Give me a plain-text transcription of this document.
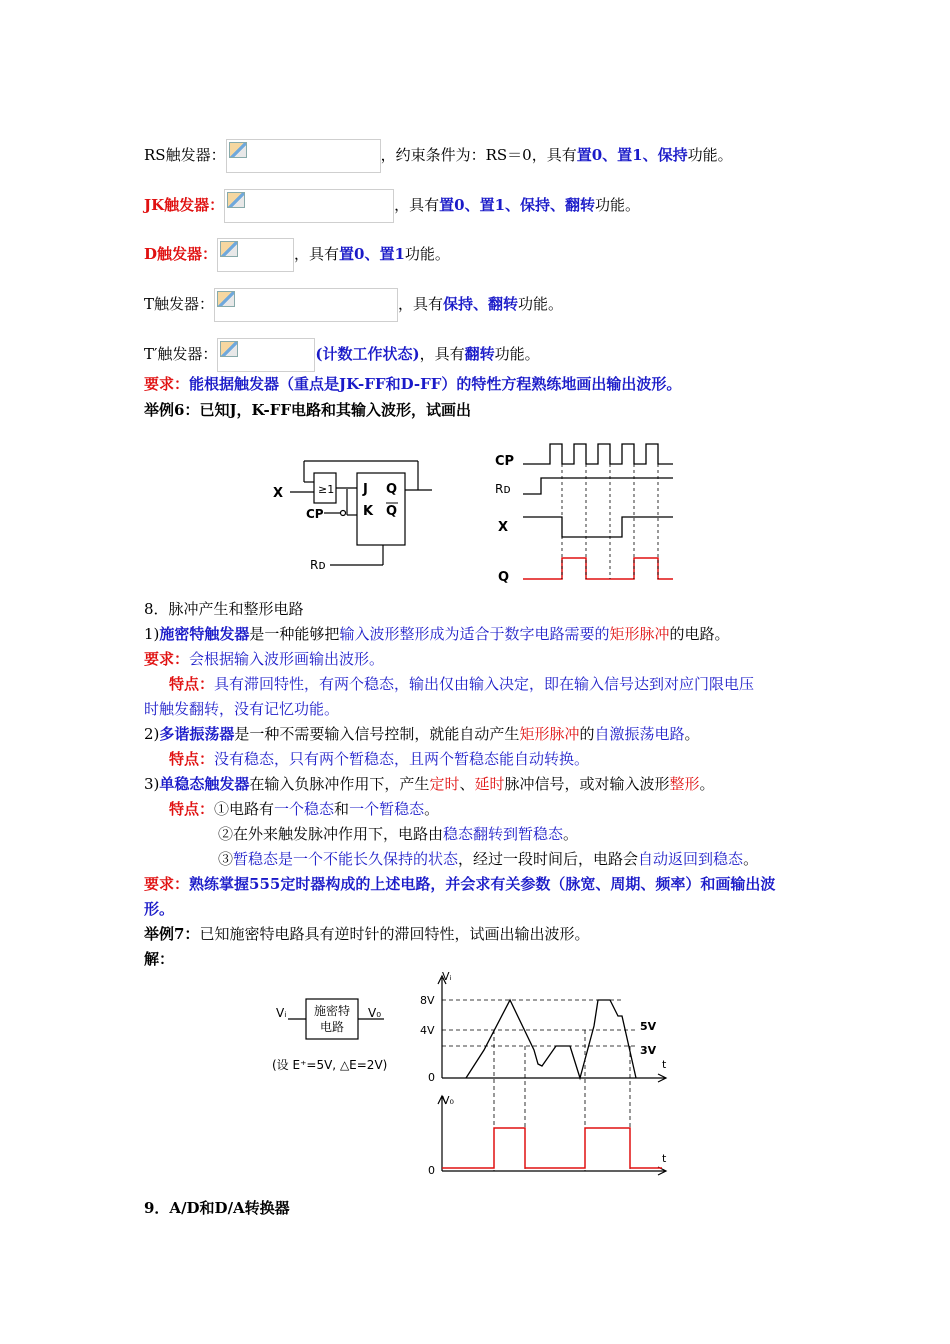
RS触发器：	，约束条件为：RS＝0，具有置0、置1、保持功能。
JK触发器：	，具有置0、置1、保持、翻转功能。
D触发器：	，具有置0、置1功能。
T触发器：	，具有保持、翻转功能。
T′触发器：	(计数工作状态)，具有翻转功能。
要求：能根据触发器（重点是JK-FF和D-FF）的特性方程熟练地画出输出波形。
举例6：已知J，K-FF电路和其输入波形，试画出
X
CP
Rᴅ
≥1 J
K
Q
Q
CP
Rᴅ
X
Q
8．脉冲产生和整形电路
1)施密特触发器是一种能够把输入波形整形成为适合于数字电路需要的矩形脉冲的电路。
要求：会根据输入波形画输出波形。
特点：具有滞回特性，有两个稳态，输出仅由输入决定，即在输入信号达到对应门限电压
时触发翻转，没有记忆功能。
2)多谐振荡器是一种不需要输入信号控制，就能自动产生矩形脉冲的自激振荡电路。
特点：没有稳态，只有两个暂稳态，且两个暂稳态能自动转换。
3)单稳态触发器在输入负脉冲作用下，产生定时、延时脉冲信号，或对输入波形整形。
特点：①电路有一个稳态和一个暂稳态。
②在外来触发脉冲作用下，电路由稳态翻转到暂稳态。
③暂稳态是一个不能长久保持的状态，经过一段时间后，电路会自动返回到稳态。
要求：熟练掌握555定时器构成的上述电路，并会求有关参数（脉宽、周期、频率）和画输出波
形。
举例7：已知施密特电路具有逆时针的滞回特性，试画出输出波形。
解：
Vᵢ	V₀
施密特
电路
(设 E⁺=5V, △E=2V)
Vᵢ
V₀
8V
4V
0
5V
3V
t
0
t
9．A/D和D/A转换器
